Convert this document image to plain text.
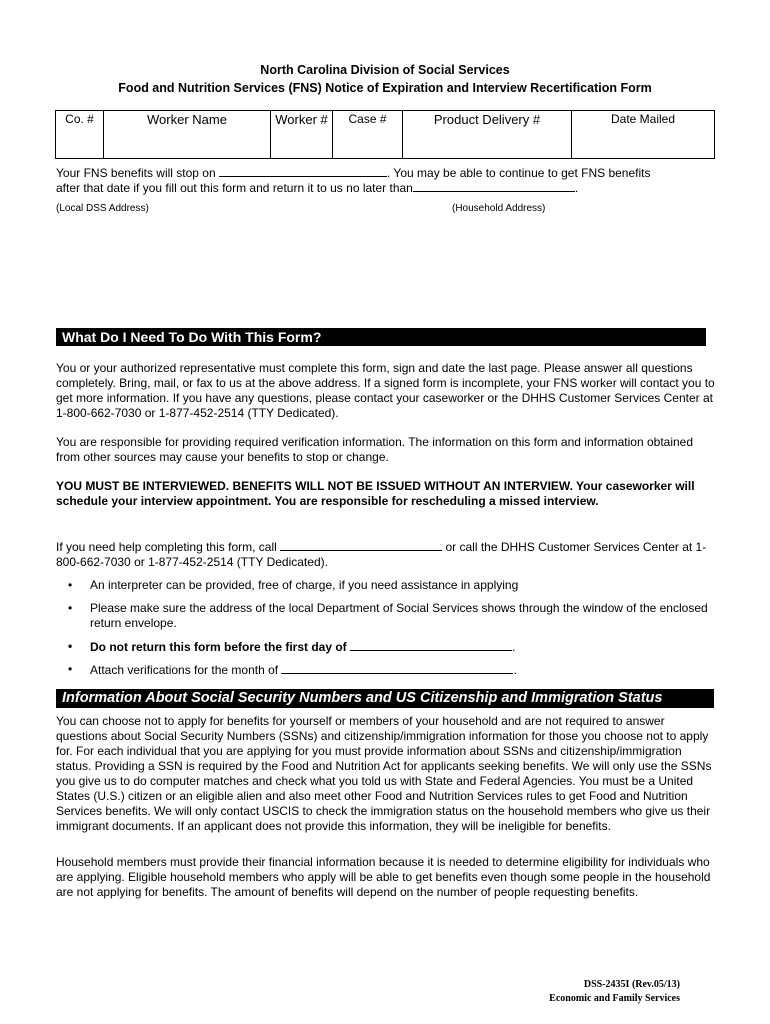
North Carolina Division of Social Services
Food and Nutrition Services (FNS) Notice of Expiration and Interview Recertification Form
Co. #	Worker Name	Worker #	Case #	Product Delivery #	Date Mailed
Your FNS benefits will stop on	. You may be able to continue to get FNS benefits
after that date if you fill out this form and return it to us no later than	.
(Local DSS Address)	(Household Address)
What Do I Need To Do With This Form?
You or your authorized representative must complete this form, sign and date the last page. Please answer all questions completely. Bring, mail, or fax to us at the above address. If a signed form is incomplete, your FNS worker will contact you to get more information. If you have any questions, please contact your caseworker or the DHHS Customer Services Center at 1-800-662-7030 or 1-877-452-2514 (TTY Dedicated).
You are responsible for providing required verification information. The information on this form and information obtained from other sources may cause your benefits to stop or change.
YOU MUST BE INTERVIEWED. BENEFITS WILL NOT BE ISSUED WITHOUT AN INTERVIEW. Your caseworker will schedule your interview appointment. You are responsible for rescheduling a missed interview.
If you need help completing this form, call	or call the DHHS Customer Services Center at 1-800-662-7030 or 1-877-452-2514 (TTY Dedicated).
• An interpreter can be provided, free of charge, if you need assistance in applying
• Please make sure the address of the local Department of Social Services shows through the window of the enclosed return envelope.
• Do not return this form before the first day of	.
• Attach verifications for the month of	.
Information About Social Security Numbers and US Citizenship and Immigration Status
You can choose not to apply for benefits for yourself or members of your household and are not required to answer questions about Social Security Numbers (SSNs) and citizenship/immigration information for those you choose not to apply for. For each individual that you are applying for you must provide information about SSNs and citizenship/immigration status. Providing a SSN is required by the Food and Nutrition Act for applicants seeking benefits. We will only use the SSNs you give us to do computer matches and check what you told us with State and Federal Agencies. You must be a United States (U.S.) citizen or an eligible alien and also meet other Food and Nutrition Services rules to get Food and Nutrition Services benefits. We will only contact USCIS to check the immigration status on the household members who give us their immigrant documents. If an applicant does not provide this information, they will be ineligible for benefits.
Household members must provide their financial information because it is needed to determine eligibility for individuals who are applying. Eligible household members who apply will be able to get benefits even though some people in the household are not applying for benefits. The amount of benefits will depend on the number of people requesting benefits.
DSS-2435I (Rev.05/13)
Economic and Family Services
